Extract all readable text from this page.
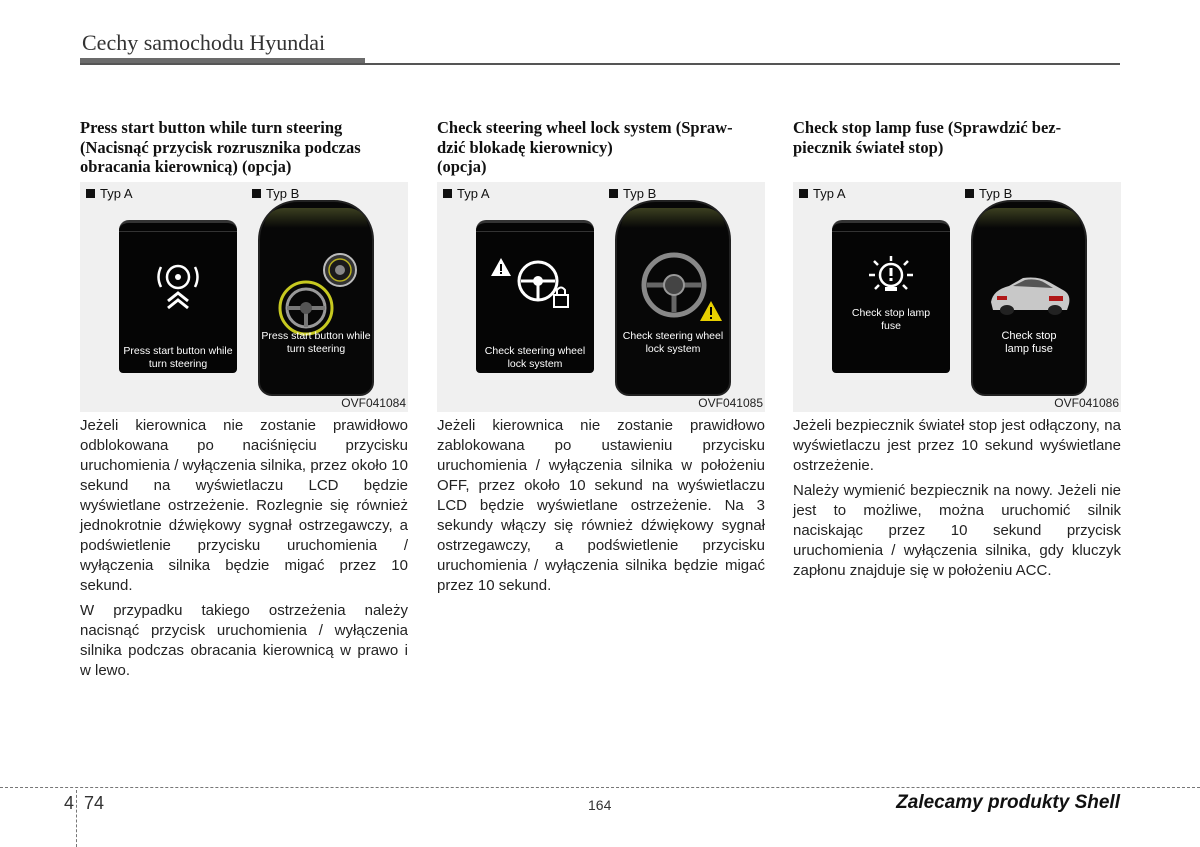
Cechy samochodu Hyundai

Press start button while turn steering
(Nacisnąć przycisk rozrusznika podczas
obracania kierownicą) (opcja)

Check steering wheel lock system (Spraw-
dzić blokadę kierownicy)
(opcja)

Check stop lamp fuse (Sprawdzić bez-
piecznik świateł stop)

Typ A	Typ B
Press start button while turn steering
Press start button while turn steering
OVF041084
Typ A	Typ B
Check steering wheel lock system
Check steering wheel lock system
OVF041085
Typ A	Typ B
Check stop lamp fuse
Check stop lamp fuse
OVF041086

Jeżeli kierownica nie zostanie prawidłowo odblokowana po naciśnięciu przycisku uruchomienia / wyłączenia silnika, przez około 10 sekund na wyświetlaczu LCD będzie wyświetlane ostrzeżenie. Rozlegnie się również jednokrotnie dźwiękowy sygnał ostrzegawczy, a podświetlenie przycisku uruchomienia / wyłączenia silnika będzie migać przez 10 sekund.

W przypadku takiego ostrzeżenia należy nacisnąć przycisk uruchomienia / wyłączenia silnika podczas obracania kierownicą w prawo i w lewo.

Jeżeli kierownica nie zostanie prawidłowo zablokowana po ustawieniu przycisku uruchomienia / wyłączenia silnika w położeniu OFF, przez około 10 sekund na wyświetlaczu LCD będzie wyświetlane ostrzeżenie. Na 3 sekundy włączy się również dźwiękowy sygnał ostrzegawczy, a podświetlenie przycisku uruchomienia / wyłączenia silnika będzie migać przez 10 sekund.

Jeżeli bezpiecznik świateł stop jest odłączony, na wyświetlaczu jest przez 10 sekund wyświetlane ostrzeżenie.

Należy wymienić bezpiecznik na nowy. Jeżeli nie jest to możliwe, można uruchomić silnik naciskając przez 10 sekund przycisk uruchomienia / wyłączenia silnika, gdy kluczyk zapłonu znajduje się w położeniu ACC.

4 74	164	Zalecamy produkty Shell
